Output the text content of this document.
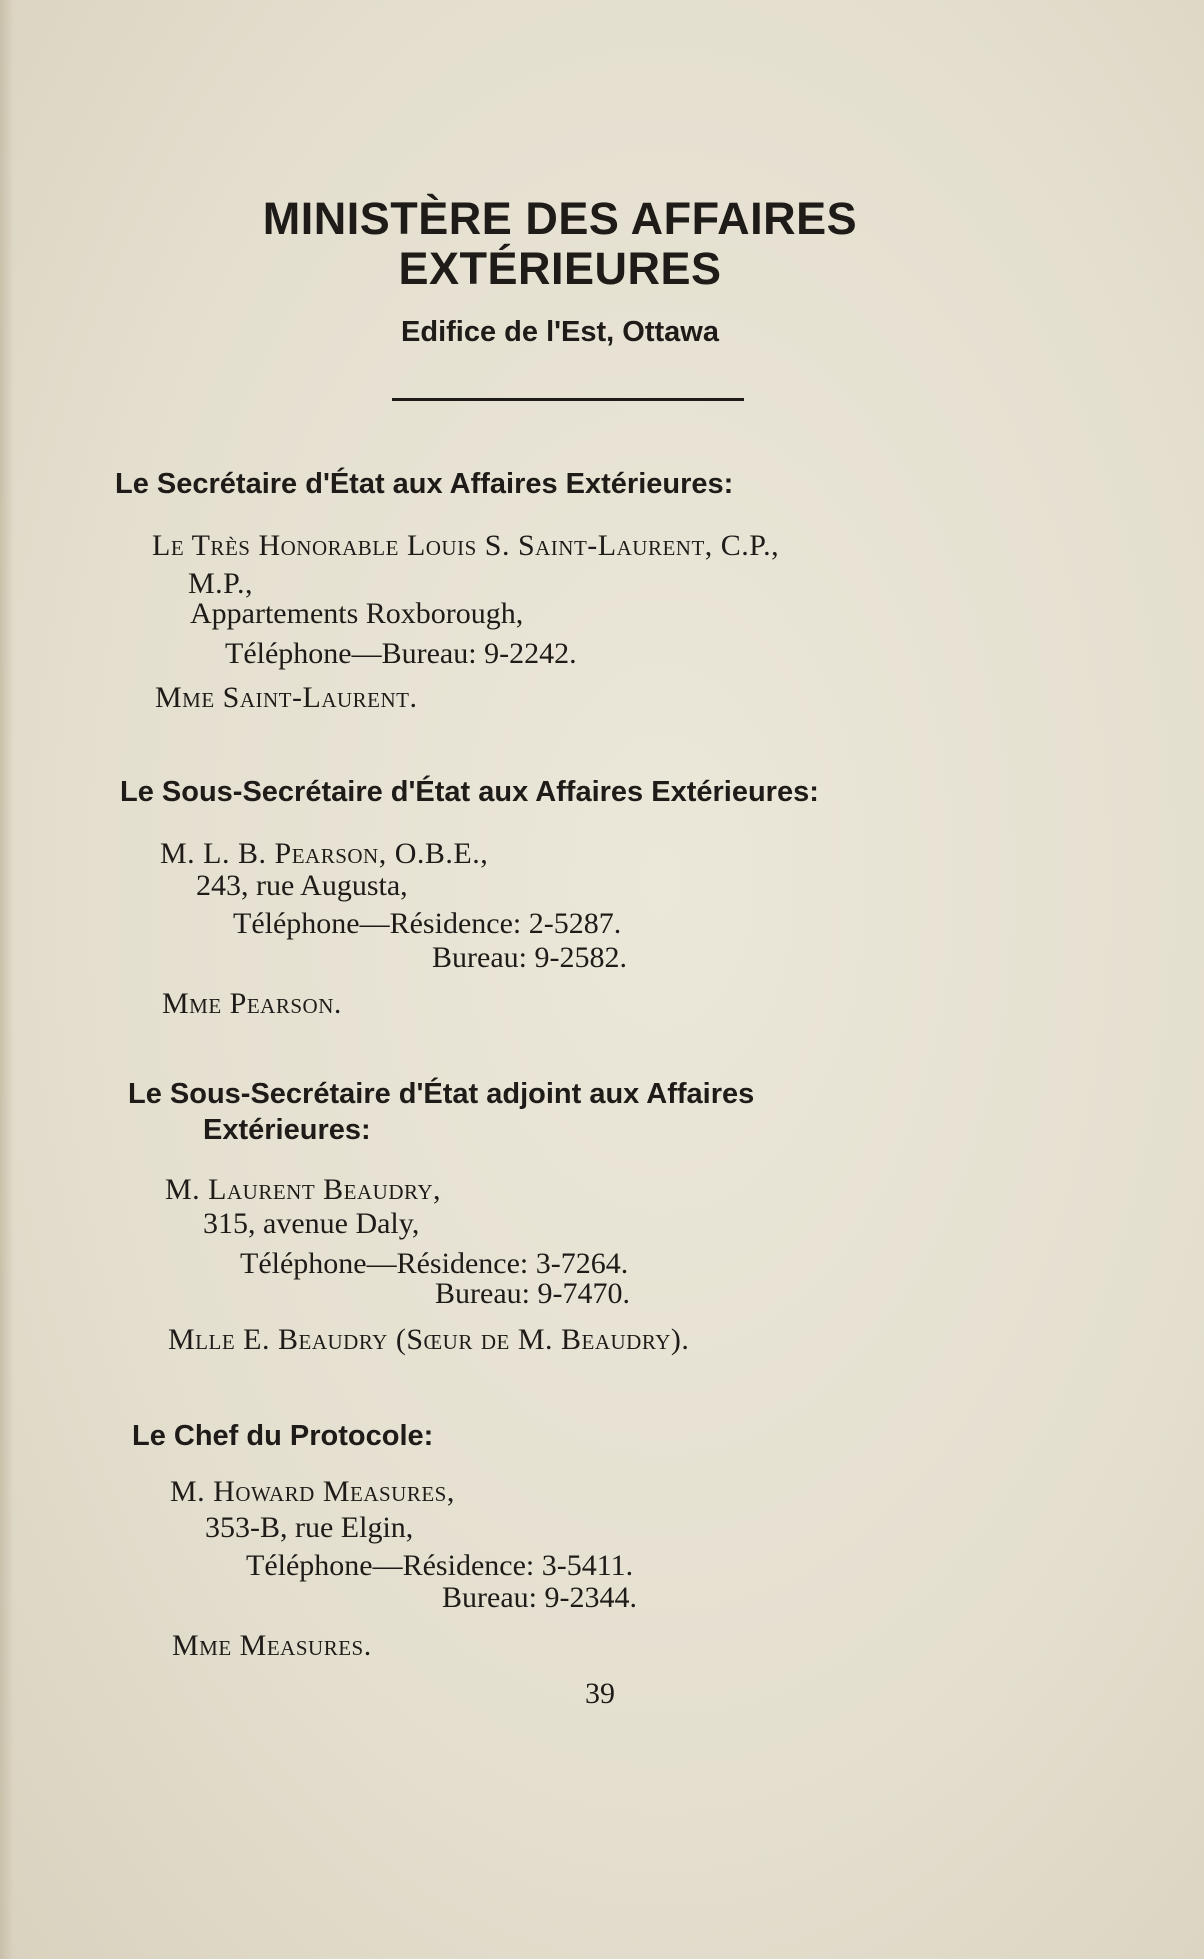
MINISTÈRE DES AFFAIRES
EXTÉRIEURES
Edifice de l'Est, Ottawa
Le Secrétaire d'État aux Affaires Extérieures:
Le Très Honorable Louis S. Saint-Laurent, C.P.,
M.P.,
Appartements Roxborough,
Téléphone—Bureau: 9-2242.
Mme Saint-Laurent.
Le Sous-Secrétaire d'État aux Affaires Extérieures:
M. L. B. Pearson, O.B.E.,
243, rue Augusta,
Téléphone—Résidence: 2-5287.
Bureau: 9-2582.
Mme Pearson.
Le Sous-Secrétaire d'État adjoint aux Affaires
Extérieures:
M. Laurent Beaudry,
315, avenue Daly,
Téléphone—Résidence: 3-7264.
Bureau: 9-7470.
Mlle E. Beaudry (Sœur de M. Beaudry).
Le Chef du Protocole:
M. Howard Measures,
353-B, rue Elgin,
Téléphone—Résidence: 3-5411.
Bureau: 9-2344.
Mme Measures.
39
